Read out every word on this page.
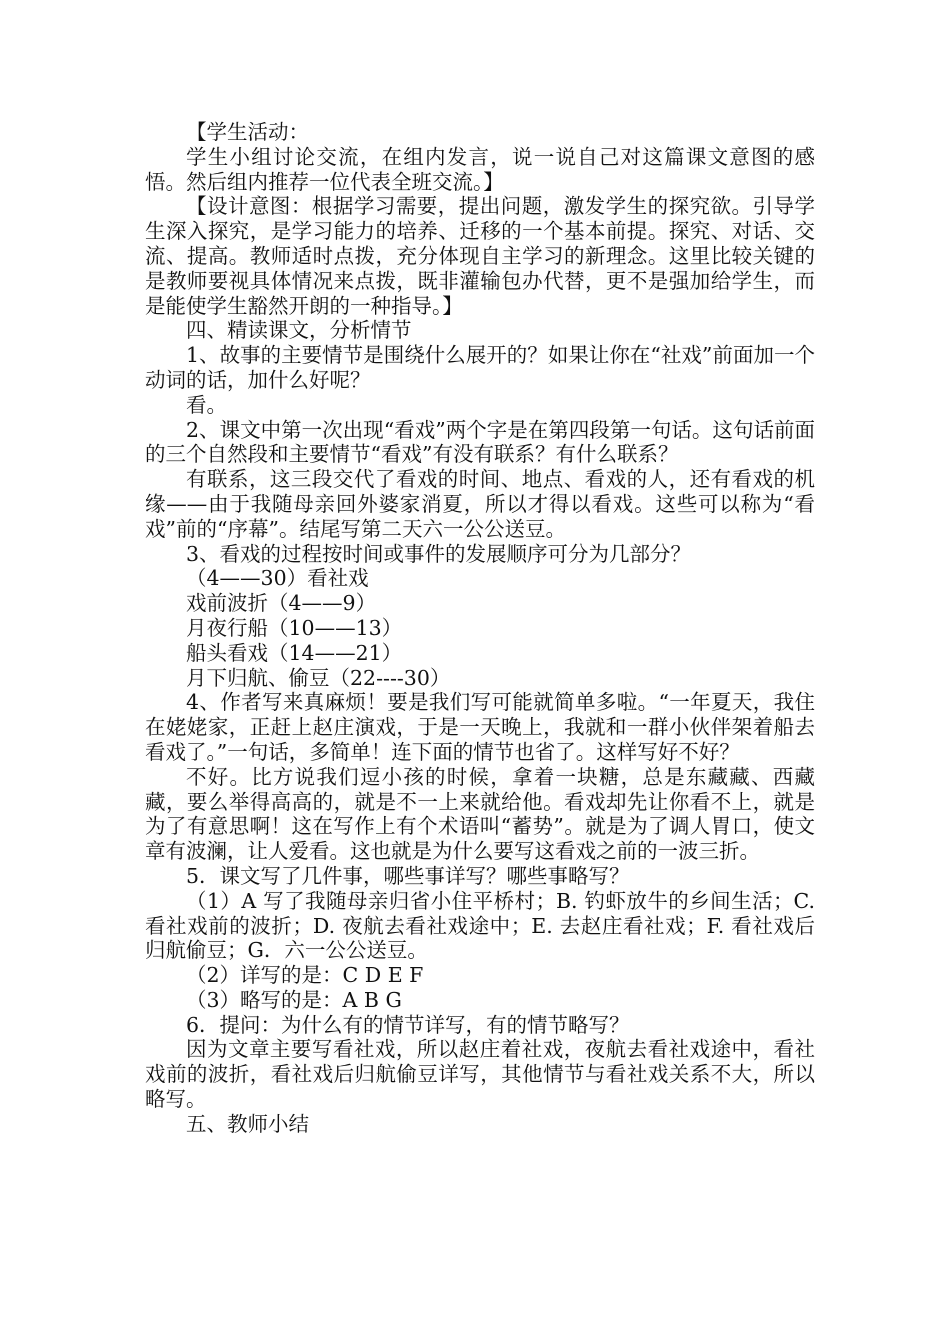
【学生活动：

学生小组讨论交流，在组内发言，说一说自己对这篇课文意图的感悟。然后组内推荐一位代表全班交流。】

【设计意图：根据学习需要，提出问题，激发学生的探究欲。引导学生深入探究，是学习能力的培养、迁移的一个基本前提。探究、对话、交流、提高。教师适时点拨，充分体现自主学习的新理念。这里比较关键的是教师要视具体情况来点拨，既非灌输包办代替，更不是强加给学生，而是能使学生豁然开朗的一种指导。】

四、精读课文，分析情节

1、故事的主要情节是围绕什么展开的？如果让你在“社戏”前面加一个动词的话，加什么好呢？

看。

2、课文中第一次出现“看戏”两个字是在第四段第一句话。这句话前面的三个自然段和主要情节“看戏”有没有联系？有什么联系？

有联系，这三段交代了看戏的时间、地点、看戏的人，还有看戏的机缘——由于我随母亲回外婆家消夏，所以才得以看戏。这些可以称为“看戏”前的“序幕”。结尾写第二天六一公公送豆。

3、看戏的过程按时间或事件的发展顺序可分为几部分？

（4——30）看社戏

戏前波折（4——9）

月夜行船（10——13）

船头看戏（14——21）

月下归航、偷豆（22----30）

4、作者写来真麻烦！要是我们写可能就简单多啦。“一年夏天，我住在姥姥家，正赶上赵庄演戏，于是一天晚上，我就和一群小伙伴架着船去看戏了。”一句话，多简单！连下面的情节也省了。这样写好不好？

不好。比方说我们逗小孩的时候，拿着一块糖，总是东藏藏、西藏藏，要么举得高高的，就是不一上来就给他。看戏却先让你看不上，就是为了有意思啊！这在写作上有个术语叫“蓄势”。就是为了调人胃口，使文章有波澜，让人爱看。这也就是为什么要写这看戏之前的一波三折。

5．课文写了几件事，哪些事详写？哪些事略写？

（1）A 写了我随母亲归省小住平桥村；B. 钓虾放牛的乡间生活；C. 看社戏前的波折；D. 夜航去看社戏途中；E. 去赵庄看社戏；F. 看社戏后归航偷豆；G．六一公公送豆。

（2）详写的是：C D E F

（3）略写的是：A B G

6．提问：为什么有的情节详写，有的情节略写？

因为文章主要写看社戏，所以赵庄着社戏，夜航去看社戏途中，看社戏前的波折，看社戏后归航偷豆详写，其他情节与看社戏关系不大，所以略写。

五、教师小结
